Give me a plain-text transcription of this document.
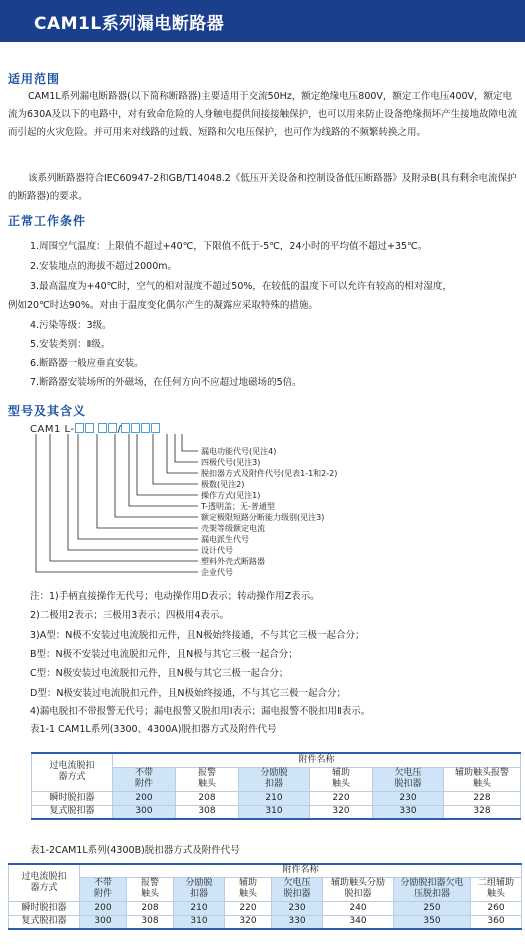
CAM1L系列漏电断路器
适用范围
CAM1L系列漏电断路器(以下简称断路器)主要适用于交流50Hz，额定绝缘电压800V，额定工作电压400V，额定电流为630A及以下的电路中，对有致命危险的人身触电提供间接接触保护，也可以用来防止设备绝缘损坏产生接地故障电流而引起的火灾危险。并可用来对线路的过载、短路和欠电压保护，也可作为线路的不频繁转换之用。
该系列断路器符合IEC60947-2和GB/T14048.2《低压开关设备和控制设备低压断路器》及附录B(具有剩余电流保护的断路器)的要求。
正常工作条件
1.周围空气温度：上限值不超过+40℃，下限值不低于-5℃，24小时的平均值不超过+35℃。
2.安装地点的海拔不超过2000m。
3.最高温度为+40℃时，空气的相对湿度不超过50%，在较低的温度下可以允许有较高的相对湿度，
例如20℃时达90%。对由于温度变化偶尔产生的凝露应采取特殊的措施。
4.污染等级：3级。
5.安装类别：Ⅱ级。
6.断路器一般应垂直安装。
7.断路器安装场所的外磁场，在任何方向不应超过地磁场的5倍。
型号及其含义
CAM1 L-	/
漏电功能代号(见注4)
四极代号(见注3)
脱扣器方式及附件代号(见表1-1和2-2)
极数(见注2)
操作方式(见注1)
T-透明盖；无-普通型
额定极限短路分断能力级别(见注3)
壳架等级额定电流
漏电派生代号
设计代号
塑料外壳式断路器
企业代号
注：1)手柄直接操作无代号；电动操作用D表示；转动操作用Z表示。
2)二极用2表示；三极用3表示；四极用4表示。
3)A型：N极不安装过电流脱扣元件，且N极始终接通，不与其它三极一起合分；
B型：N极不安装过电流脱扣元件，且N极与其它三极一起合分；
C型：N极安装过电流脱扣元件，且N极与其它三极一起合分；
D型：N极安装过电流脱扣元件，且N极始终接通，不与其它三极一起合分；
4)漏电脱扣不带报警无代号；漏电报警又脱扣用Ⅰ表示；漏电报警不脱扣用Ⅱ表示。
表1-1 CAM1L系列(3300、4300A)脱扣器方式及附件代号
过电流脱扣器方式	附件名称					
	不带附件	报警触头	分励脱扣器	辅助触头	欠电压脱扣器	辅助触头报警触头
瞬时脱扣器	200	208	210	220	230	228
复式脱扣器	300	308	310	320	330	328
表1-2CAM1L系列(4300B)脱扣器方式及附件代号
过电流脱扣器方式	附件名称							
	不带附件	报警触头	分励脱扣器	辅助触头	欠电压脱扣器	辅助触头分励脱扣器	分励脱扣器欠电压脱扣器	二组辅助触头
瞬时脱扣器	200	208	210	220	230	240	250	260
复式脱扣器	300	308	310	320	330	340	350	360
